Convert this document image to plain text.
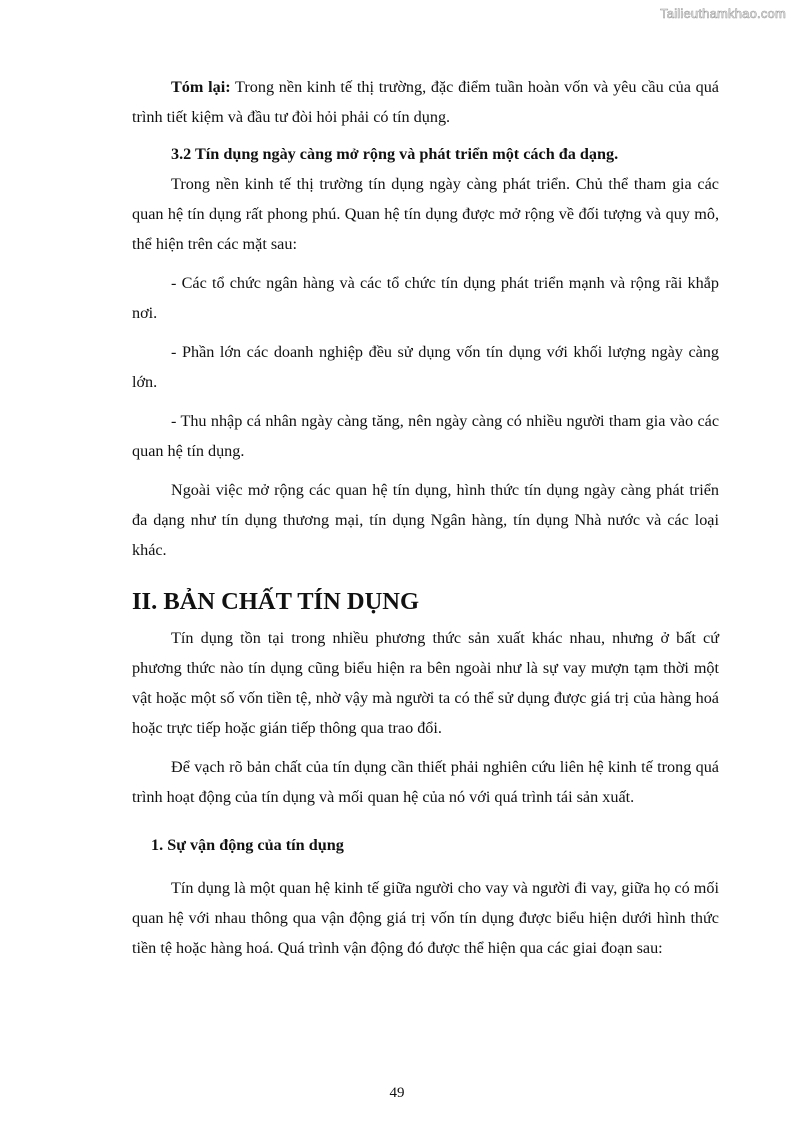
Tailieuthamkhao.com

Tóm lại: Trong nền kinh tế thị trường, đặc điểm tuần hoàn vốn và yêu cầu của quá trình tiết kiệm và đầu tư đòi hỏi phải có tín dụng.

3.2 Tín dụng ngày càng mở rộng và phát triển một cách đa dạng.

Trong nền kinh tế thị trường tín dụng ngày càng phát triển. Chủ thể tham gia các quan hệ tín dụng rất phong phú. Quan hệ tín dụng được mở rộng về đối tượng và quy mô, thể hiện trên các mặt sau:

- Các tổ chức ngân hàng và các tổ chức tín dụng phát triển mạnh và rộng rãi khắp nơi.

- Phần lớn các doanh nghiệp đều sử dụng vốn tín dụng với khối lượng ngày càng lớn.

- Thu nhập cá nhân ngày càng tăng, nên ngày càng có nhiều người tham gia vào các quan hệ tín dụng.

Ngoài việc mở rộng các quan hệ tín dụng, hình thức tín dụng ngày càng phát triển đa dạng như tín dụng thương mại, tín dụng Ngân hàng, tín dụng Nhà nước và các loại khác.

II. BẢN CHẤT TÍN DỤNG

Tín dụng tồn tại trong nhiều phương thức sản xuất khác nhau, nhưng ở bất cứ phương thức nào tín dụng cũng biểu hiện ra bên ngoài như là sự vay mượn tạm thời một vật hoặc một số vốn tiền tệ, nhờ vậy mà người ta có thể sử dụng được giá trị của hàng hoá hoặc trực tiếp hoặc gián tiếp thông qua trao đổi.

Để vạch rõ bản chất của tín dụng cần thiết phải nghiên cứu liên hệ kinh tế trong quá trình hoạt động của tín dụng và mối quan hệ của nó với quá trình tái sản xuất.

1. Sự vận động của tín dụng

Tín dụng là một quan hệ kinh tế giữa người cho vay và người đi vay, giữa họ có mối quan hệ với nhau thông qua vận động giá trị vốn tín dụng được biểu hiện dưới hình thức tiền tệ hoặc hàng hoá. Quá trình vận động đó được thể hiện qua các giai đoạn sau:

49
